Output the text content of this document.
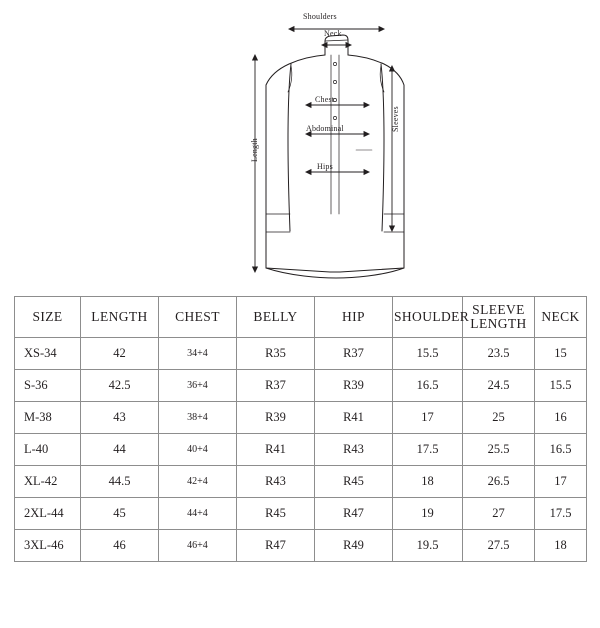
Shoulders
Neck
Chest
Abdominal
Hips
Length
Sleeves
SIZE	LENGTH	CHEST	BELLY	HIP	SHOULDER	SLEEVE LENGTH	NECK
XS-34	42	34+4	R35	R37	15.5	23.5	15
S-36	42.5	36+4	R37	R39	16.5	24.5	15.5
M-38	43	38+4	R39	R41	17	25	16
L-40	44	40+4	R41	R43	17.5	25.5	16.5
XL-42	44.5	42+4	R43	R45	18	26.5	17
2XL-44	45	44+4	R45	R47	19	27	17.5
3XL-46	46	46+4	R47	R49	19.5	27.5	18
